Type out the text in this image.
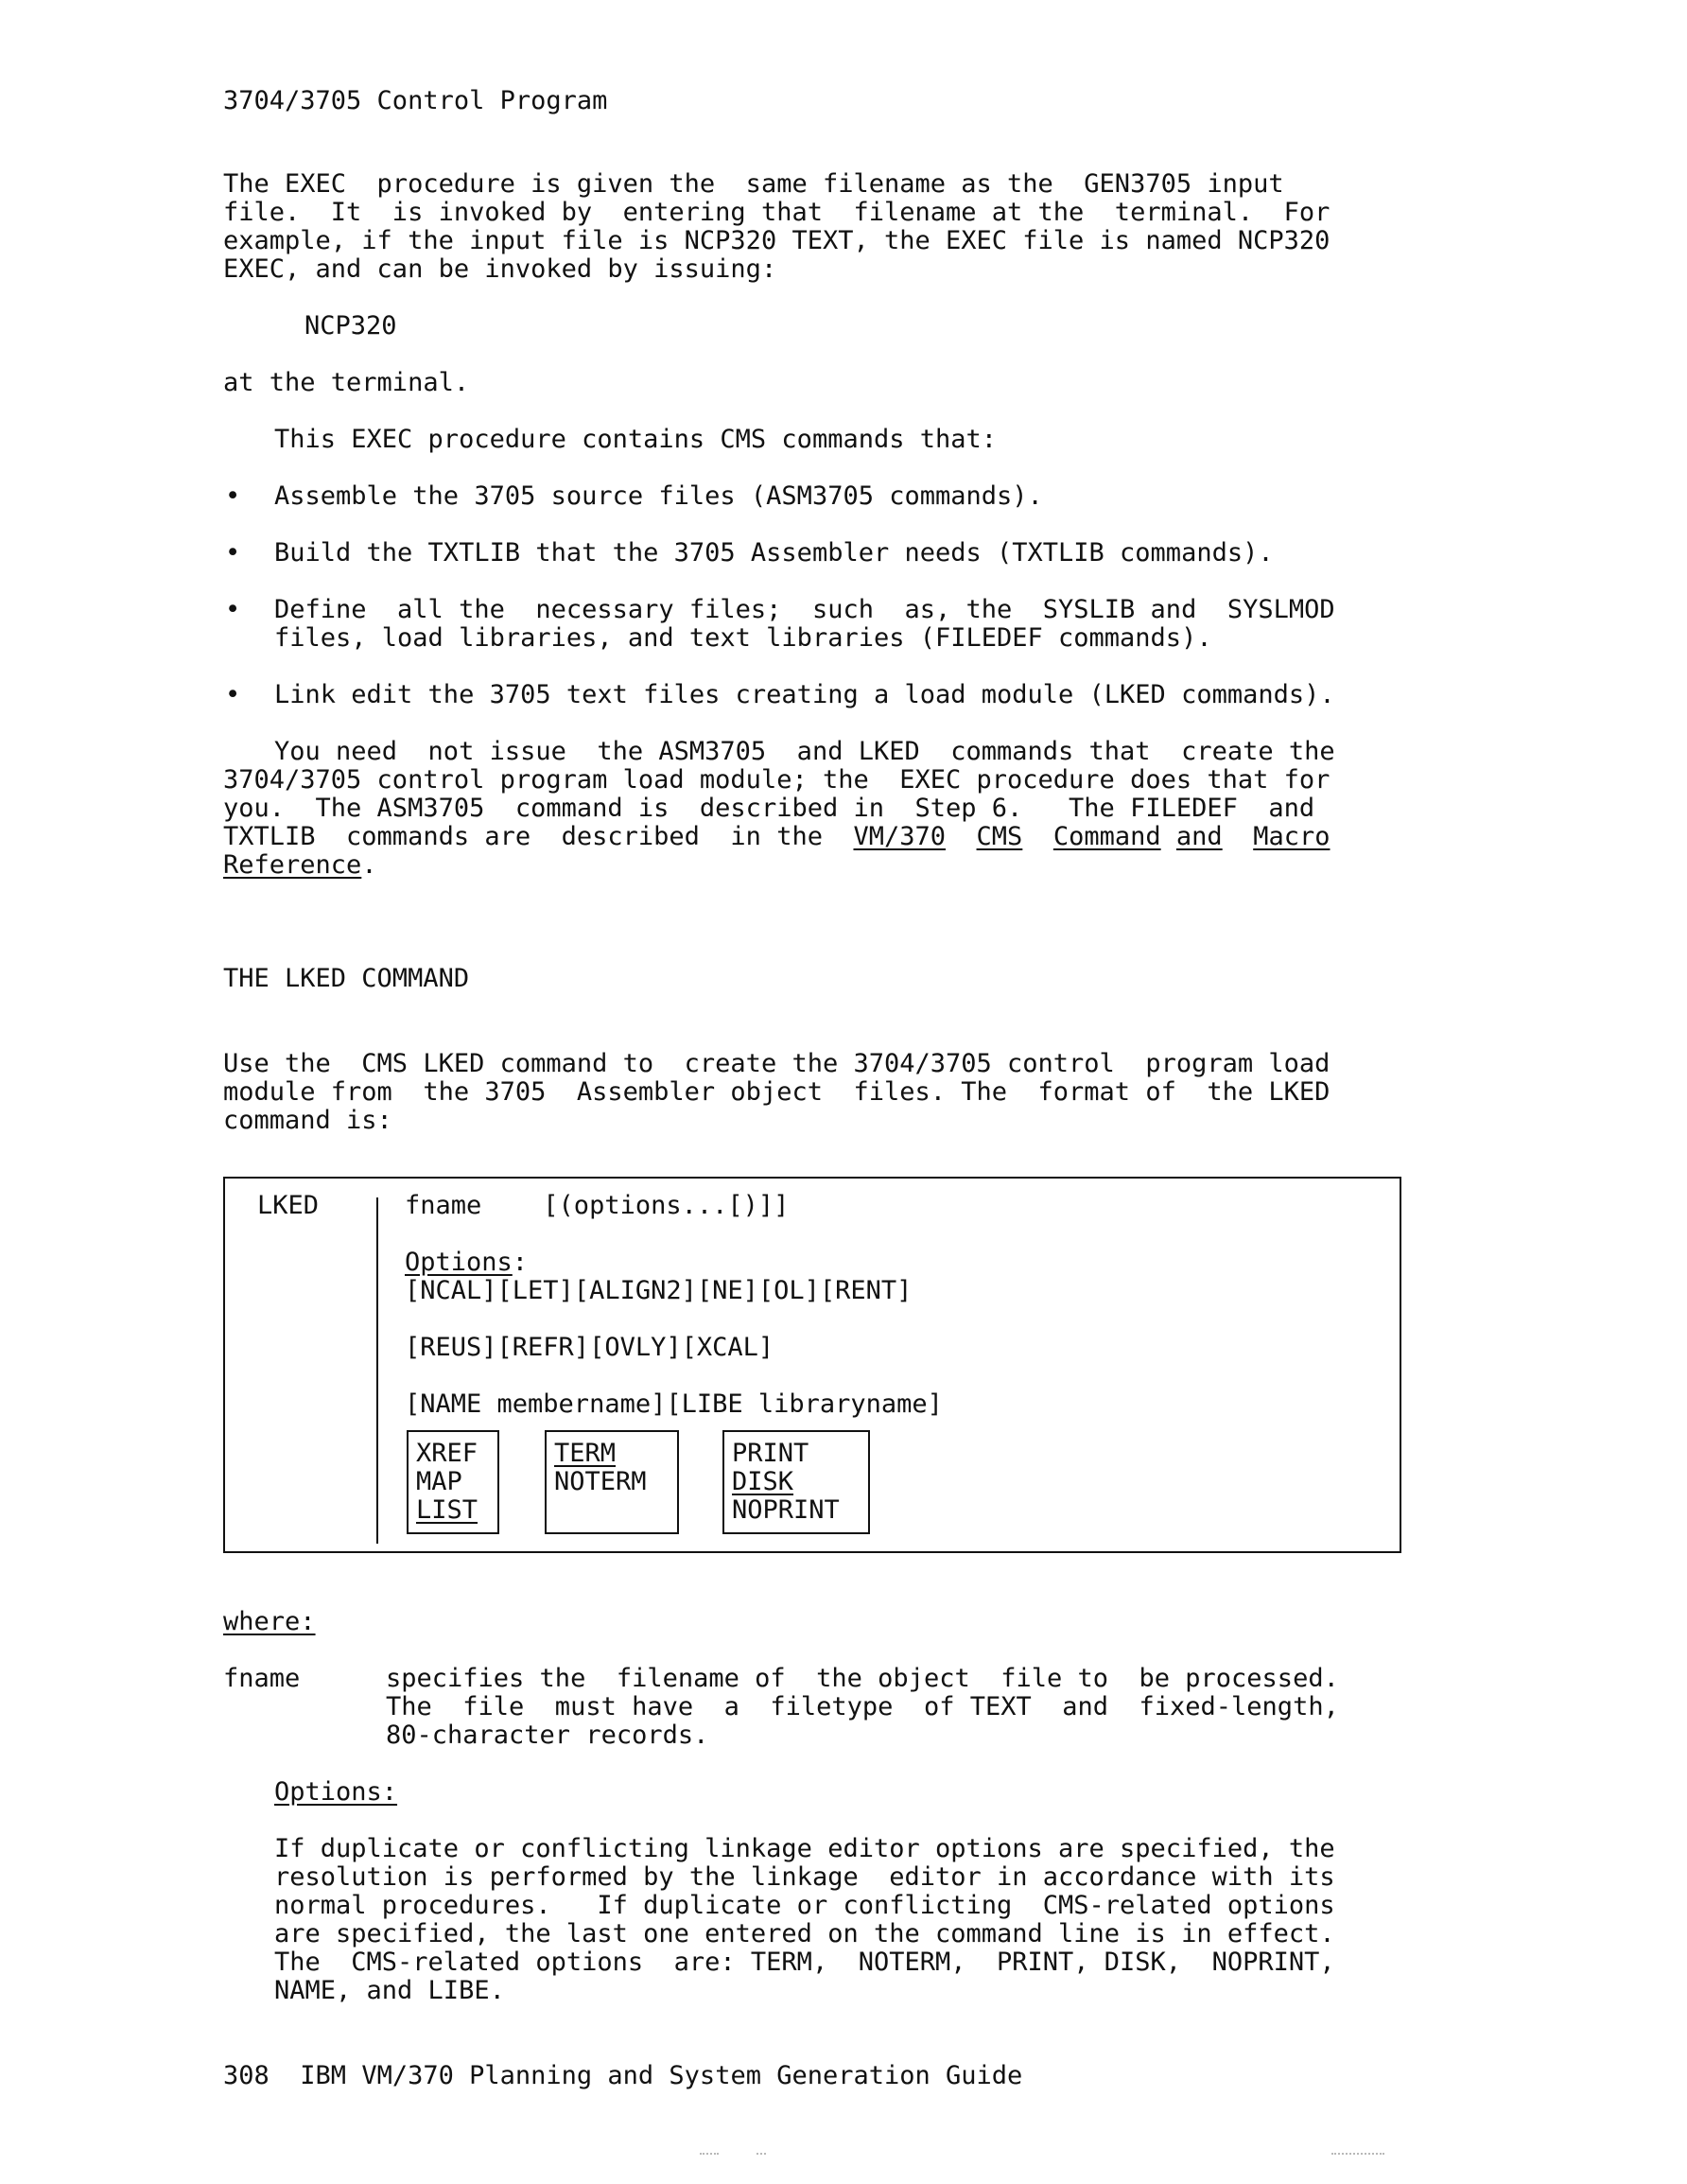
3704/3705 Control Program
The EXEC  procedure is given the  same filename as the  GEN3705 input
file.  It  is invoked by  entering that  filename at the  terminal.  For
example, if the input file is NCP320 TEXT, the EXEC file is named NCP320
EXEC, and can be invoked by issuing:
NCP320
at the terminal.
This EXEC procedure contains CMS commands that:
• Assemble the 3705 source files (ASM3705 commands).
• Build the TXTLIB that the 3705 Assembler needs (TXTLIB commands).
• Define  all the  necessary files;  such  as, the  SYSLIB and  SYSLMOD
files, load libraries, and text libraries (FILEDEF commands).
• Link edit the 3705 text files creating a load module (LKED commands).
You need  not issue  the ASM3705  and LKED  commands that  create the
3704/3705 control program load module; the  EXEC procedure does that for
you.  The ASM3705  command is  described in  Step 6.   The FILEDEF  and
TXTLIB  commands are  described  in the  VM/370 CMS Command and Macro
Reference.
THE LKED COMMAND
Use the  CMS LKED command to  create the 3704/3705 control  program load
module from  the 3705  Assembler object  files. The  format of  the LKED
command is:
LKED	fname    [(options...[)]]
Options:
[NCAL][LET][ALIGN2][NE][OL][RENT]
[REUS][REFR][OVLY][XCAL]
[NAME membername][LIBE libraryname]
XREF
MAP
LIST
TERM
NOTERM
PRINT
DISK
NOPRINT
where:
fname	specifies the  filename of  the object  file to  be processed.
The  file  must have  a  filetype  of TEXT  and  fixed-length,
80-character records.
Options:
If duplicate or conflicting linkage editor options are specified, the
resolution is performed by the linkage  editor in accordance with its
normal procedures.   If duplicate or conflicting  CMS-related options
are specified, the last one entered on the command line is in effect.
The  CMS-related options  are: TERM,  NOTERM,  PRINT, DISK,  NOPRINT,
NAME, and LIBE.
308 IBM VM/370 Planning and System Generation Guide
